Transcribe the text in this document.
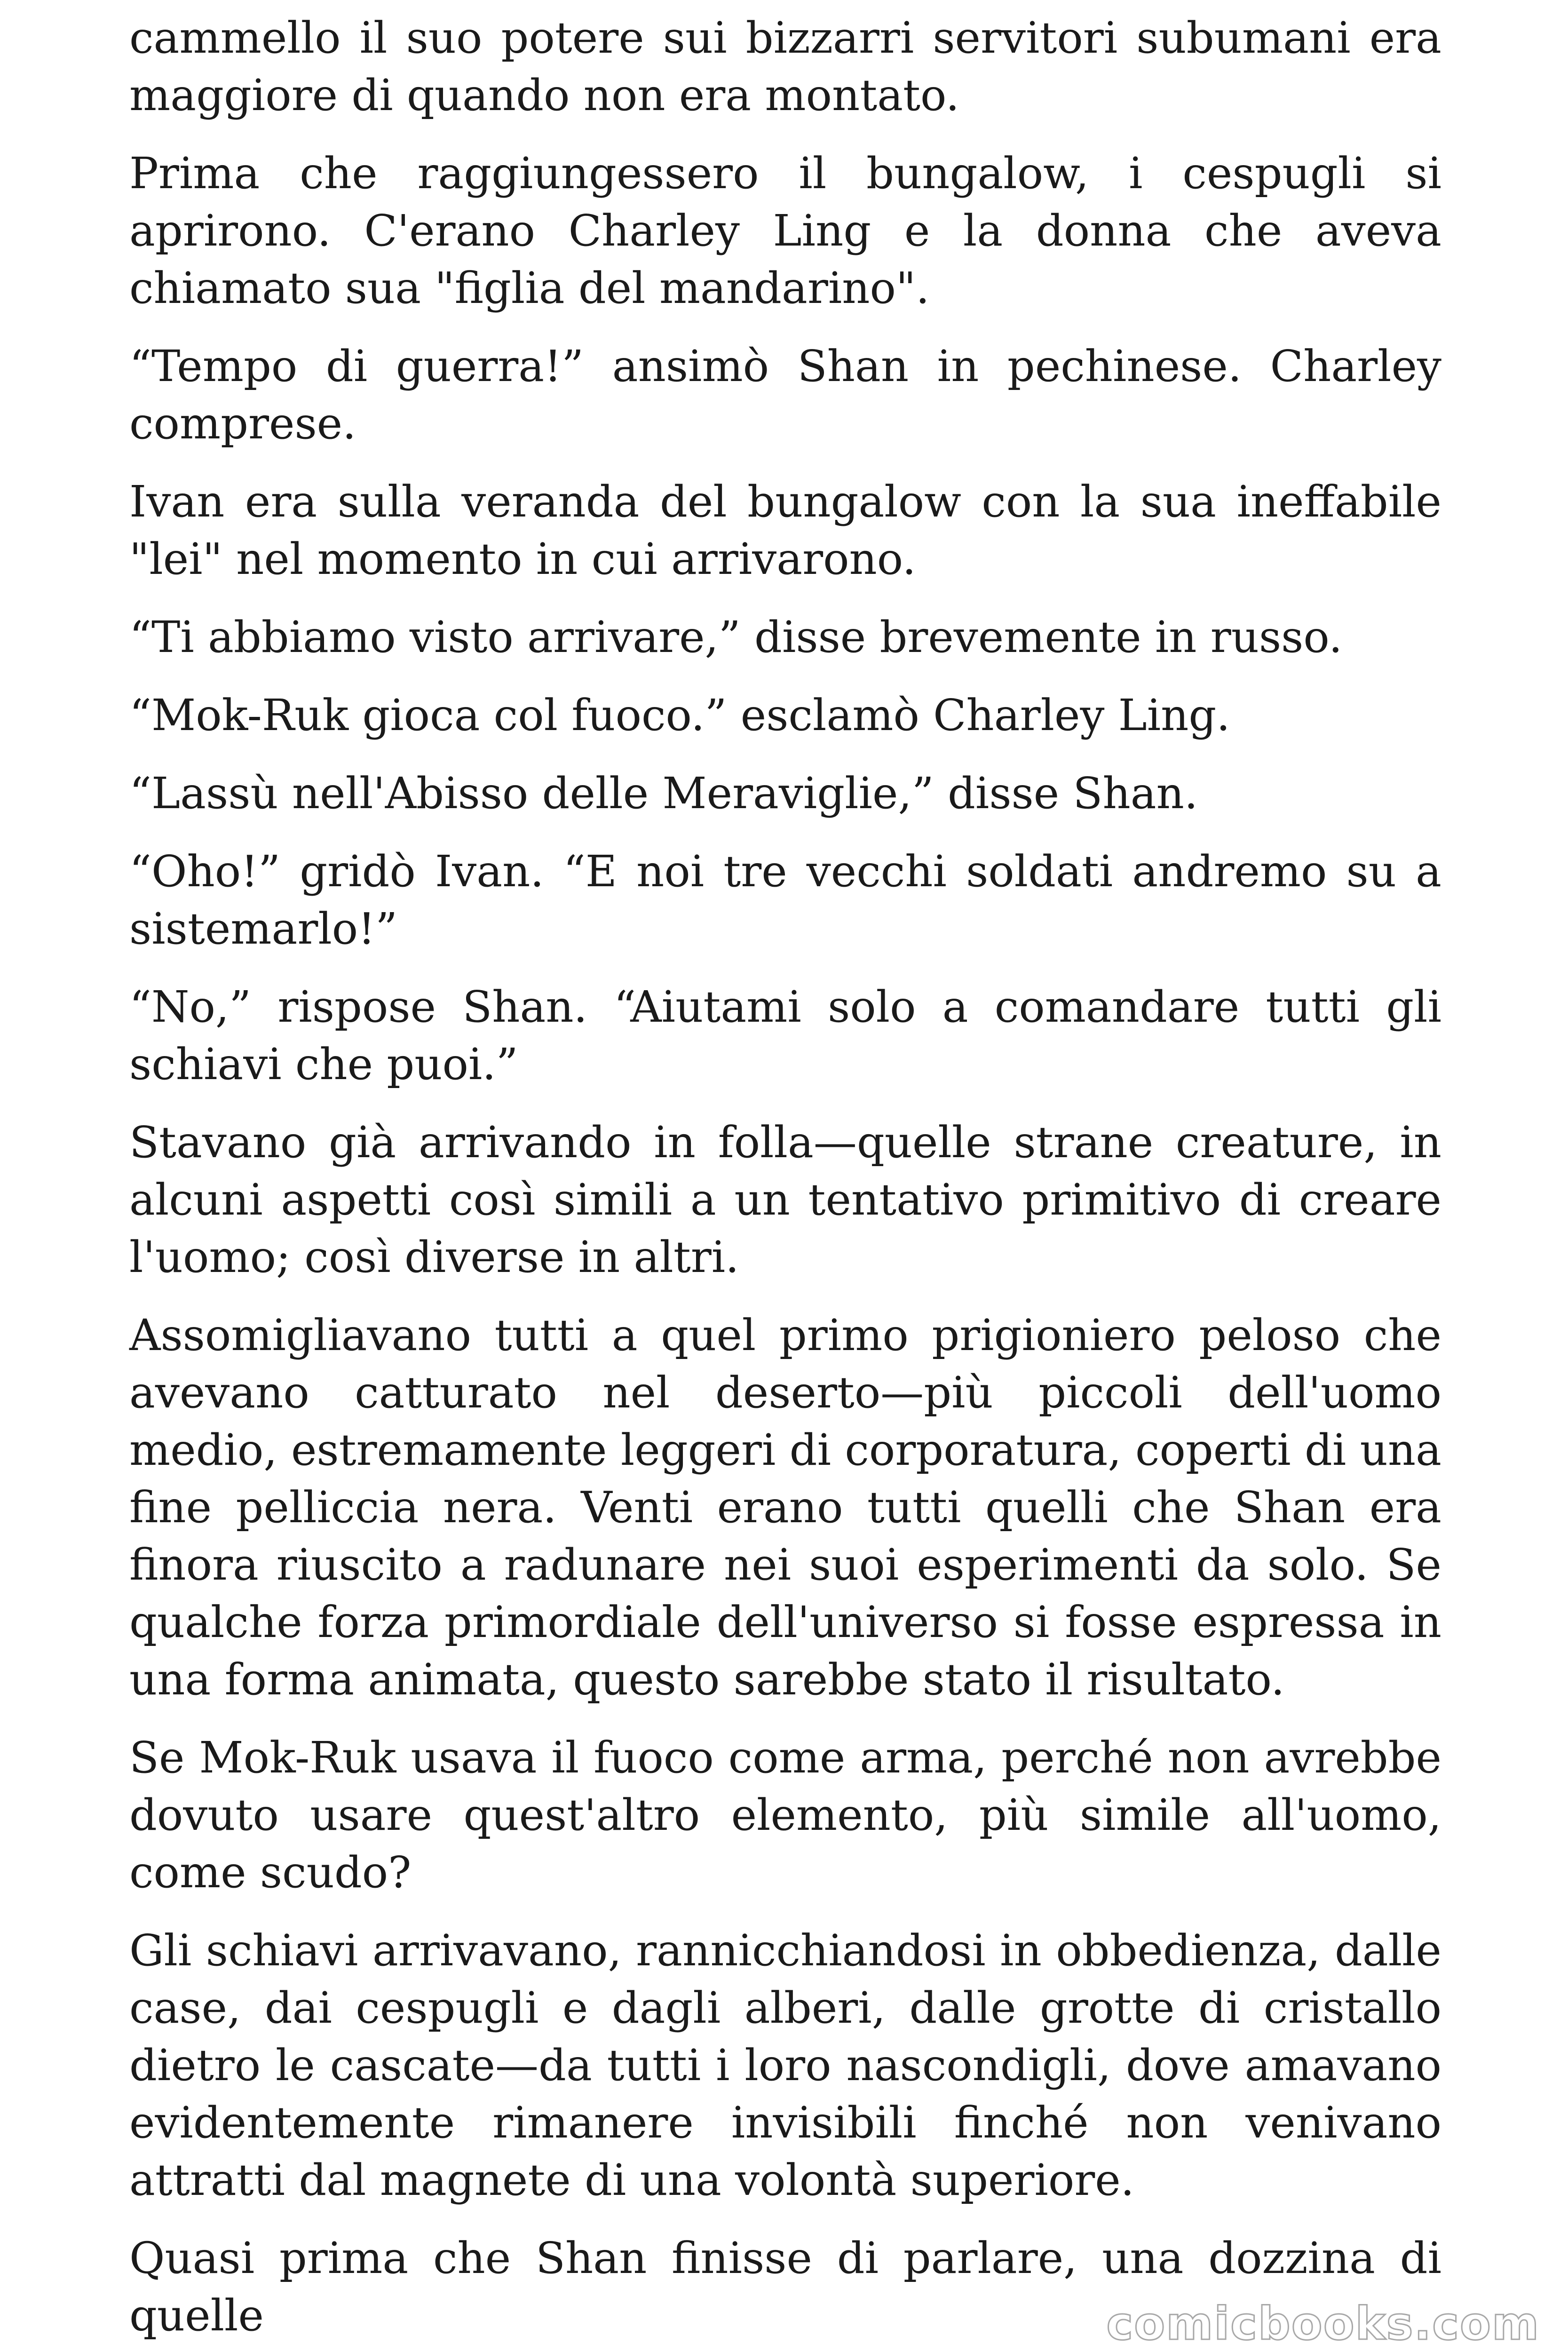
cammello il suo potere sui bizzarri servitori subumani era maggiore di quando non era montato.

Prima che raggiungessero il bungalow, i cespugli si aprirono. C'erano Charley Ling e la donna che aveva chiamato sua "figlia del mandarino".

“Tempo di guerra!” ansimò Shan in pechinese. Charley comprese.

Ivan era sulla veranda del bungalow con la sua ineffabile "lei" nel momento in cui arrivarono.

“Ti abbiamo visto arrivare,” disse brevemente in russo.

“Mok-Ruk gioca col fuoco.” esclamò Charley Ling.

“Lassù nell'Abisso delle Meraviglie,” disse Shan.

“Oho!” gridò Ivan. “E noi tre vecchi soldati andremo su a sistemarlo!”

“No,” rispose Shan. “Aiutami solo a comandare tutti gli schiavi che puoi.”

Stavano già arrivando in folla—quelle strane creature, in alcuni aspetti così simili a un tentativo primitivo di creare l'uomo; così diverse in altri.

Assomigliavano tutti a quel primo prigioniero peloso che avevano catturato nel deserto—più piccoli dell'uomo medio, estremamente leggeri di corporatura, coperti di una fine pelliccia nera. Venti erano tutti quelli che Shan era finora riuscito a radunare nei suoi esperimenti da solo. Se qualche forza primordiale dell'universo si fosse espressa in una forma animata, questo sarebbe stato il risultato.

Se Mok-Ruk usava il fuoco come arma, perché non avrebbe dovuto usare quest'altro elemento, più simile all'uomo, come scudo?

Gli schiavi arrivavano, rannicchiandosi in obbedienza, dalle case, dai cespugli e dagli alberi, dalle grotte di cristallo dietro le cascate—da tutti i loro nascondigli, dove amavano evidentemente rimanere invisibili finché non venivano attratti dal magnete di una volontà superiore.

Quasi prima che Shan finisse di parlare, una dozzina di quelle	comicbooks.com
